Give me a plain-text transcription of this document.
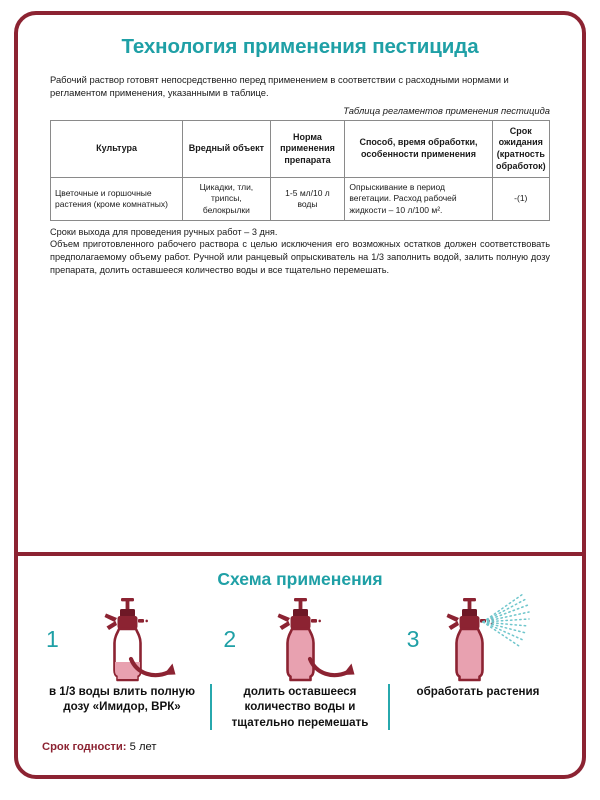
Технология применения пестицида

Рабочий раствор готовят непосредственно перед применением в соответствии с расходными нормами и регламентом применения, указанными в таблице.

Таблица регламентов применения пестицида
Культура	Вредный объект	Норма применения препарата	Способ, время обработки, особенности применения	Срок ожидания (кратность обработок)
Цветочные и горшочные растения (кроме комнатных)	Цикадки, тли, трипсы, белокрылки	1-5 мл/10 л воды	Опрыскивание в период вегетации. Расход рабочей жидкости – 10 л/100 м².	-(1)
Сроки выхода для проведения ручных работ – 3 дня.
Объем приготовленного рабочего раствора с целью исключения его возможных остатков должен соответствовать предполагаемому объему работ. Ручной или ранцевый опрыскиватель на 1/3 заполнить водой, залить полную дозу препарата, долить оставшееся количество воды и все тщательно перемешать.
Схема применения
1	2	3
в 1/3 воды влить полную дозу «Имидор, ВРК»
долить оставшееся количество воды и тщательно перемешать
обработать растения
Срок годности: 5 лет
